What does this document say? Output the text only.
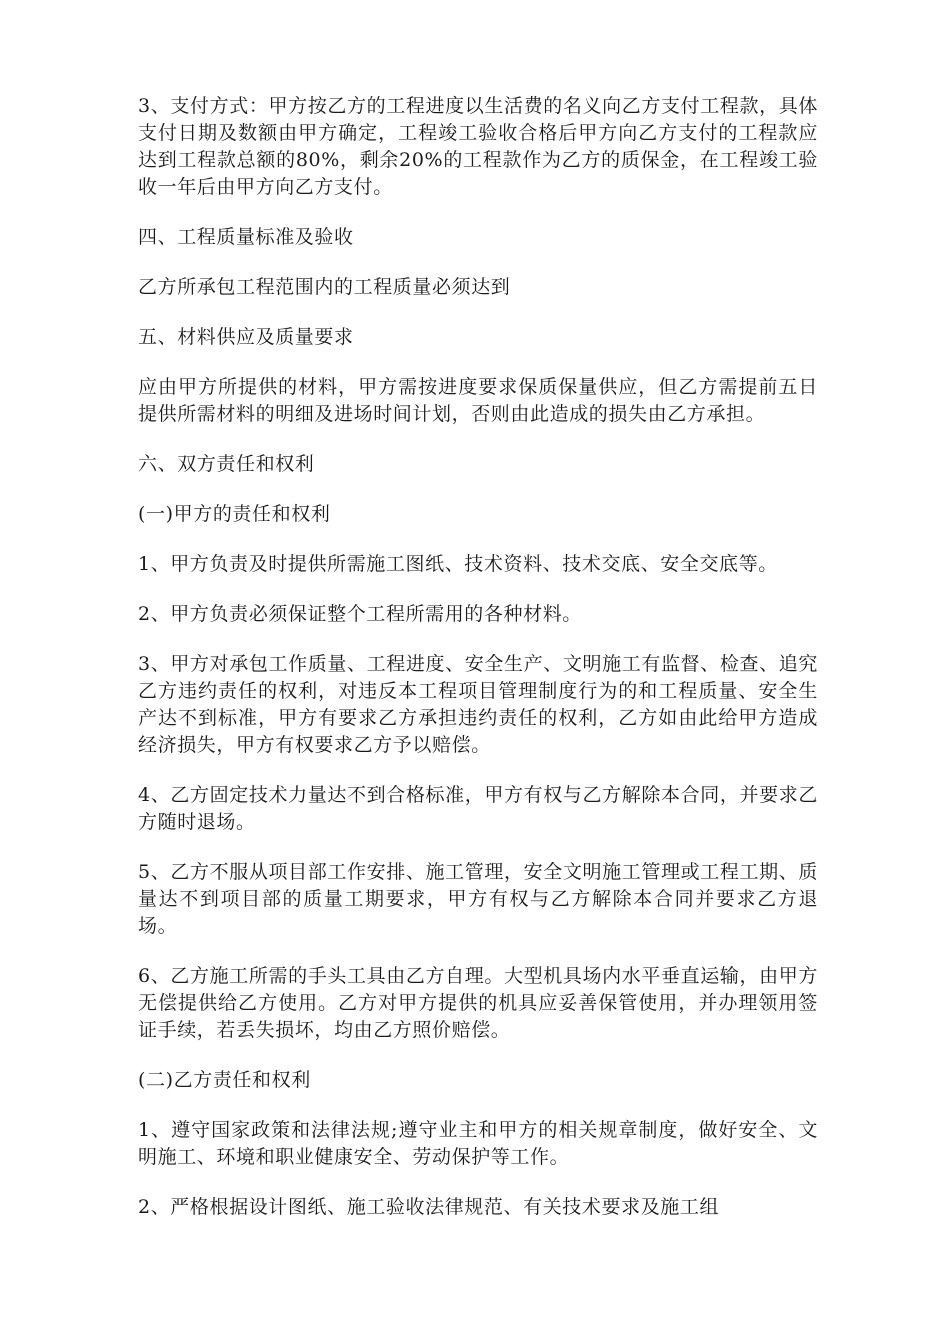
3、支付方式：甲方按乙方的工程进度以生活费的名义向乙方支付工程款，具体支付日期及数额由甲方确定，工程竣工验收合格后甲方向乙方支付的工程款应达到工程款总额的80%，剩余20%的工程款作为乙方的质保金，在工程竣工验收一年后由甲方向乙方支付。

四、工程质量标准及验收

乙方所承包工程范围内的工程质量必须达到

五、材料供应及质量要求

应由甲方所提供的材料，甲方需按进度要求保质保量供应，但乙方需提前五日提供所需材料的明细及进场时间计划，否则由此造成的损失由乙方承担。

六、双方责任和权利

(一)甲方的责任和权利

1、甲方负责及时提供所需施工图纸、技术资料、技术交底、安全交底等。

2、甲方负责必须保证整个工程所需用的各种材料。

3、甲方对承包工作质量、工程进度、安全生产、文明施工有监督、检查、追究乙方违约责任的权利，对违反本工程项目管理制度行为的和工程质量、安全生产达不到标准，甲方有要求乙方承担违约责任的权利，乙方如由此给甲方造成经济损失，甲方有权要求乙方予以赔偿。

4、乙方固定技术力量达不到合格标准，甲方有权与乙方解除本合同，并要求乙方随时退场。

5、乙方不服从项目部工作安排、施工管理，安全文明施工管理或工程工期、质量达不到项目部的质量工期要求，甲方有权与乙方解除本合同并要求乙方退场。

6、乙方施工所需的手头工具由乙方自理。大型机具场内水平垂直运输，由甲方无偿提供给乙方使用。乙方对甲方提供的机具应妥善保管使用，并办理领用签证手续，若丢失损坏，均由乙方照价赔偿。

(二)乙方责任和权利

1、遵守国家政策和法律法规;遵守业主和甲方的相关规章制度，做好安全、文明施工、环境和职业健康安全、劳动保护等工作。

2、严格根据设计图纸、施工验收法律规范、有关技术要求及施工组
